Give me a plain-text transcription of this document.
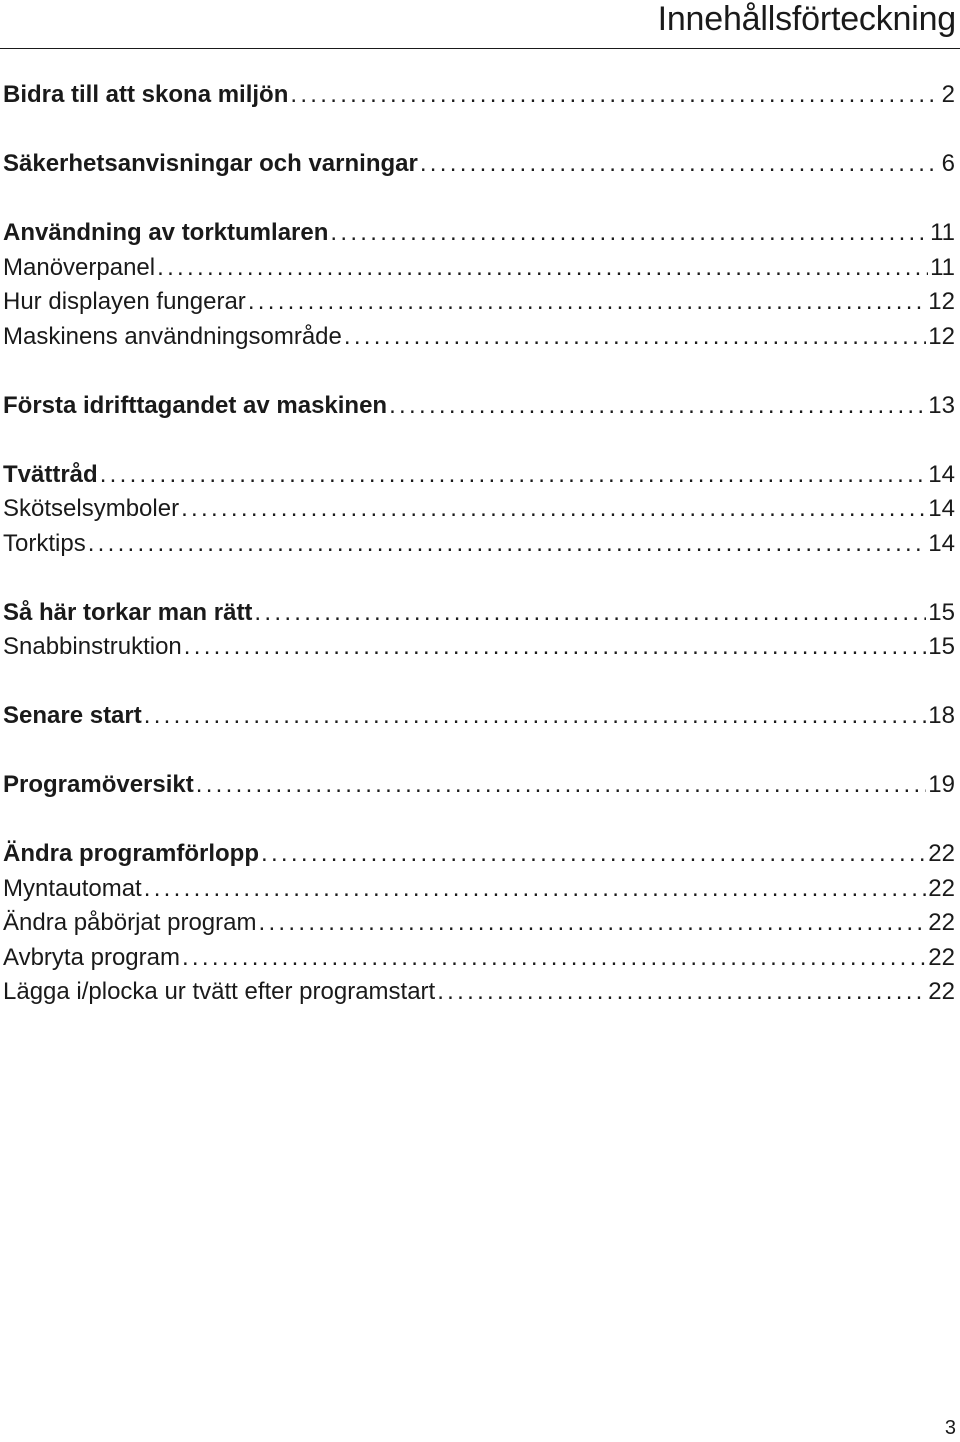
Innehållsförteckning
Bidra till att skona miljön .....	2
Säkerhetsanvisningar och varningar .....	6
Användning av torktumlaren .....	11
Manöverpanel .....	11
Hur displayen fungerar .....	12
Maskinens användningsområde .....	12
Första idrifttagandet av maskinen .....	13
Tvättråd .....	14
Skötselsymboler .....	14
Torktips .....	14
Så här torkar man rätt .....	15
Snabbinstruktion .....	15
Senare start .....	18
Programöversikt .....	19
Ändra programförlopp .....	22
Myntautomat .....	22
Ändra påbörjat program .....	22
Avbryta program .....	22
Lägga i/plocka ur tvätt efter programstart .....	22
3
